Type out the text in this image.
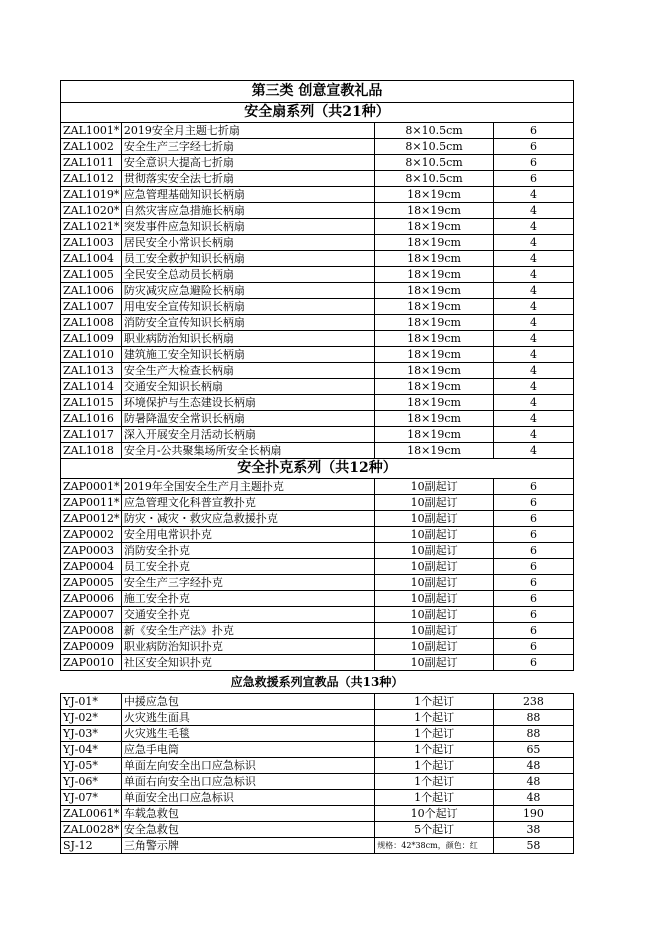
第三类 创意宣教礼品			
安全扇系列（共21种）			
ZAL1001*	2019安全月主题七折扇	8×10.5cm	6
ZAL1002	安全生产三字经七折扇	8×10.5cm	6
ZAL1011	安全意识大提高七折扇	8×10.5cm	6
ZAL1012	贯彻落实安全法七折扇	8×10.5cm	6
ZAL1019*	应急管理基础知识长柄扇	18×19cm	4
ZAL1020*	自然灾害应急措施长柄扇	18×19cm	4
ZAL1021*	突发事件应急知识长柄扇	18×19cm	4
ZAL1003	居民安全小常识长柄扇	18×19cm	4
ZAL1004	员工安全救护知识长柄扇	18×19cm	4
ZAL1005	全民安全总动员长柄扇	18×19cm	4
ZAL1006	防灾减灾应急避险长柄扇	18×19cm	4
ZAL1007	用电安全宣传知识长柄扇	18×19cm	4
ZAL1008	消防安全宣传知识长柄扇	18×19cm	4
ZAL1009	职业病防治知识长柄扇	18×19cm	4
ZAL1010	建筑施工安全知识长柄扇	18×19cm	4
ZAL1013	安全生产大检查长柄扇	18×19cm	4
ZAL1014	交通安全知识长柄扇	18×19cm	4
ZAL1015	环境保护与生态建设长柄扇	18×19cm	4
ZAL1016	防暑降温安全常识长柄扇	18×19cm	4
ZAL1017	深入开展安全月活动长柄扇	18×19cm	4
ZAL1018	安全月-公共聚集场所安全长柄扇	18×19cm	4
安全扑克系列（共12种）			
ZAP0001*	2019年全国安全生产月主题扑克	10副起订	6
ZAP0011*	应急管理文化科普宣教扑克	10副起订	6
ZAP0012*	防灾・减灾・救灾应急救援扑克	10副起订	6
ZAP0002	安全用电常识扑克	10副起订	6
ZAP0003	消防安全扑克	10副起订	6
ZAP0004	员工安全扑克	10副起订	6
ZAP0005	安全生产三字经扑克	10副起订	6
ZAP0006	施工安全扑克	10副起订	6
ZAP0007	交通安全扑克	10副起订	6
ZAP0008	新《安全生产法》扑克	10副起订	6
ZAP0009	职业病防治知识扑克	10副起订	6
ZAP0010	社区安全知识扑克	10副起订	6
应急救援系列宣教品（共13种）
YJ-01*	中援应急包	1个起订	238
YJ-02*	火灾逃生面具	1个起订	88
YJ-03*	火灾逃生毛毯	1个起订	88
YJ-04*	应急手电筒	1个起订	65
YJ-05*	单面左向安全出口应急标识	1个起订	48
YJ-06*	单面右向安全出口应急标识	1个起订	48
YJ-07*	单面安全出口应急标识	1个起订	48
ZAL0061*	车载急救包	10个起订	190
ZAL0028*	安全急救包	5个起订	38
SJ-12	三角警示牌	规格：42*38cm，颜色：红	58
